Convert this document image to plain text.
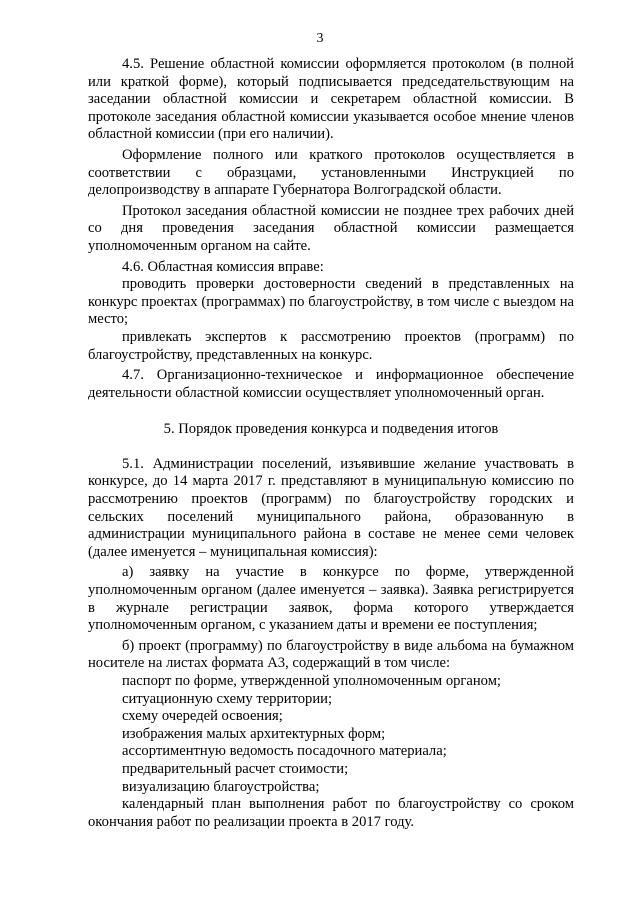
3

4.5. Решение областной комиссии оформляется протоколом (в полной или краткой форме), который подписывается председательствующим на заседании областной комиссии и секретарем областной комиссии. В протоколе заседания областной комиссии указывается особое мнение членов областной комиссии (при его наличии).

Оформление полного или краткого протоколов осуществляется в соответствии с образцами, установленными Инструкцией по делопроизводству в аппарате Губернатора Волгоградской области.

Протокол заседания областной комиссии не позднее трех рабочих дней со дня проведения заседания областной комиссии размещается уполномоченным органом на сайте.

4.6. Областная комиссия вправе:

проводить проверки достоверности сведений в представленных на конкурс проектах (программах) по благоустройству, в том числе с выездом на место;

привлекать экспертов к рассмотрению проектов (программ) по благоустройству, представленных на конкурс.

4.7. Организационно-техническое и информационное обеспечение деятельности областной комиссии осуществляет уполномоченный орган.

5. Порядок проведения конкурса и подведения итогов

5.1. Администрации поселений, изъявившие желание участвовать в конкурсе, до 14 марта 2017 г. представляют в муниципальную комиссию по рассмотрению проектов (программ) по благоустройству городских и сельских поселений муниципального района, образованную в администрации муниципального района в составе не менее семи человек (далее именуется – муниципальная комиссия):

а) заявку на участие в конкурсе по форме, утвержденной уполномоченным органом (далее именуется – заявка). Заявка регистрируется в журнале регистрации заявок, форма которого утверждается уполномоченным органом, с указанием даты и времени ее поступления;

б) проект (программу) по благоустройству в виде альбома на бумажном носителе на листах формата А3, содержащий в том числе:

паспорт по форме, утвержденной уполномоченным органом;

ситуационную схему территории;

схему очередей освоения;

изображения малых архитектурных форм;

ассортиментную ведомость посадочного материала;

предварительный расчет стоимости;

визуализацию благоустройства;

календарный план выполнения работ по благоустройству со сроком окончания работ по реализации проекта в 2017 году.
